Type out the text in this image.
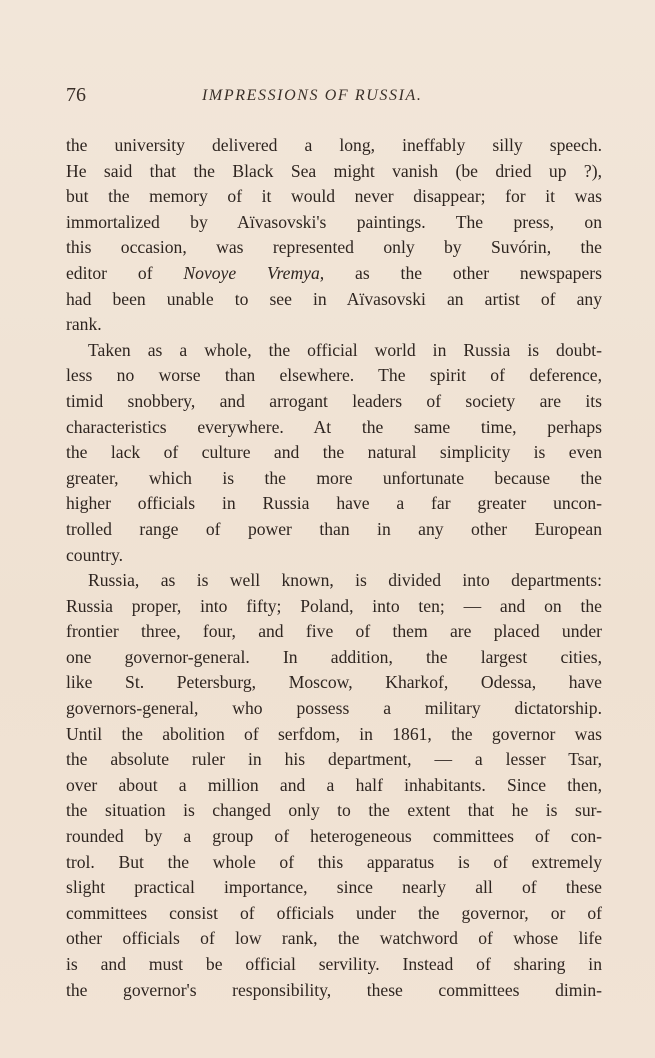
76	IMPRESSIONS OF RUSSIA.
the university delivered a long, ineffably silly speech.
He said that the Black Sea might vanish (be dried up ?),
but the memory of it would never disappear; for it was
immortalized by Aïvasovski's paintings. The press, on
this occasion, was represented only by Suvórin, the
editor of Novoye Vremya, as the other newspapers
had been unable to see in Aïvasovski an artist of any
rank.
Taken as a whole, the official world in Russia is doubt-
less no worse than elsewhere. The spirit of deference,
timid snobbery, and arrogant leaders of society are its
characteristics everywhere. At the same time, perhaps
the lack of culture and the natural simplicity is even
greater, which is the more unfortunate because the
higher officials in Russia have a far greater uncon-
trolled range of power than in any other European
country.
Russia, as is well known, is divided into departments:
Russia proper, into fifty; Poland, into ten; — and on the
frontier three, four, and five of them are placed under
one governor-general. In addition, the largest cities,
like St. Petersburg, Moscow, Kharkof, Odessa, have
governors-general, who possess a military dictatorship.
Until the abolition of serfdom, in 1861, the governor was
the absolute ruler in his department, — a lesser Tsar,
over about a million and a half inhabitants. Since then,
the situation is changed only to the extent that he is sur-
rounded by a group of heterogeneous committees of con-
trol. But the whole of this apparatus is of extremely
slight practical importance, since nearly all of these
committees consist of officials under the governor, or of
other officials of low rank, the watchword of whose life
is and must be official servility. Instead of sharing in
the governor's responsibility, these committees dimin-
